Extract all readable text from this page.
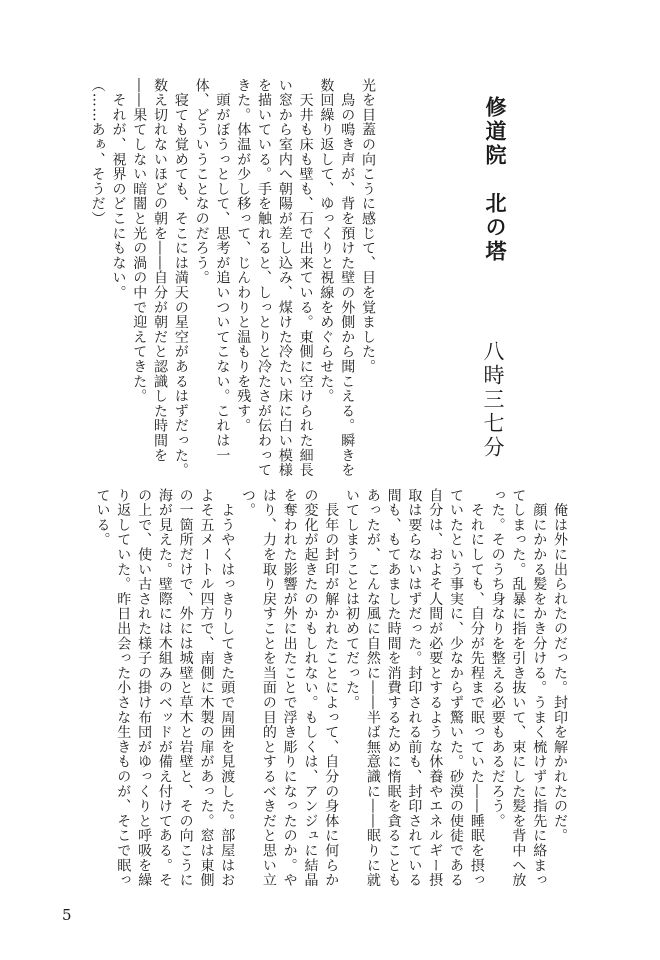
修道院　北の塔
八時三七分

光を目蓋の向こうに感じて、目を覚ました。

　鳥の鳴き声が、背を預けた壁の外側から聞こえる。瞬きを数回繰り返して、ゆっくりと視線をめぐらせた。

　天井も床も壁も、石で出来ている。東側に空けられた細長い窓から室内へ朝陽が差し込み、煤けた冷たい床に白い模様を描いている。手を触れると、しっとりと冷たさが伝わってきた。体温が少し移って、じんわりと温もりを残す。

　頭がぼうっとして、思考が追いついてこない。これは一体、どういうことなのだろう。

　寝ても覚めても、そこには満天の星空があるはずだった。数え切れないほどの朝を――自分が朝だと認識した時間を――果てしない暗闇と光の渦の中で迎えてきた。

　それが、視界のどこにもない。

（……あぁ、そうだ）

　俺は外に出られたのだった。封印を解かれたのだ。

　顔にかかる髪をかき分ける。うまく梳けずに指先に絡まってしまった。乱暴に指を引き抜いて、束にした髪を背中へ放った。そのうち身なりを整える必要もあるだろう。

　それにしても、自分が先程まで眠っていた――睡眠を摂っていたという事実に、少なからず驚いた。砂漠の使徒である自分は、およそ人間が必要とするような休養やエネルギー摂取は要らないはずだった。封印される前も、封印されている間も、もてあました時間を消費するために惰眠を貪ることもあったが、こんな風に自然に――半ば無意識に――眠りに就いてしまうことは初めてだった。

　長年の封印が解かれたことによって、自分の身体に何らかの変化が起きたのかもしれない。もしくは、アンジュに結晶を奪われた影響が外に出たことで浮き彫りになったのか。やはり、力を取り戻すことを当面の目的とするべきだと思い立つ。

　ようやくはっきりしてきた頭で周囲を見渡した。部屋はおよそ五メートル四方で、南側に木製の扉があった。窓は東側の一箇所だけで、外には城壁と草木と岩壁と、その向こうに海が見えた。壁際には木組みのベッドが備え付けてある。その上で、使い古された様子の掛け布団がゆっくりと呼吸を繰り返していた。昨日出会った小さな生きものが、そこで眠っている。

5
